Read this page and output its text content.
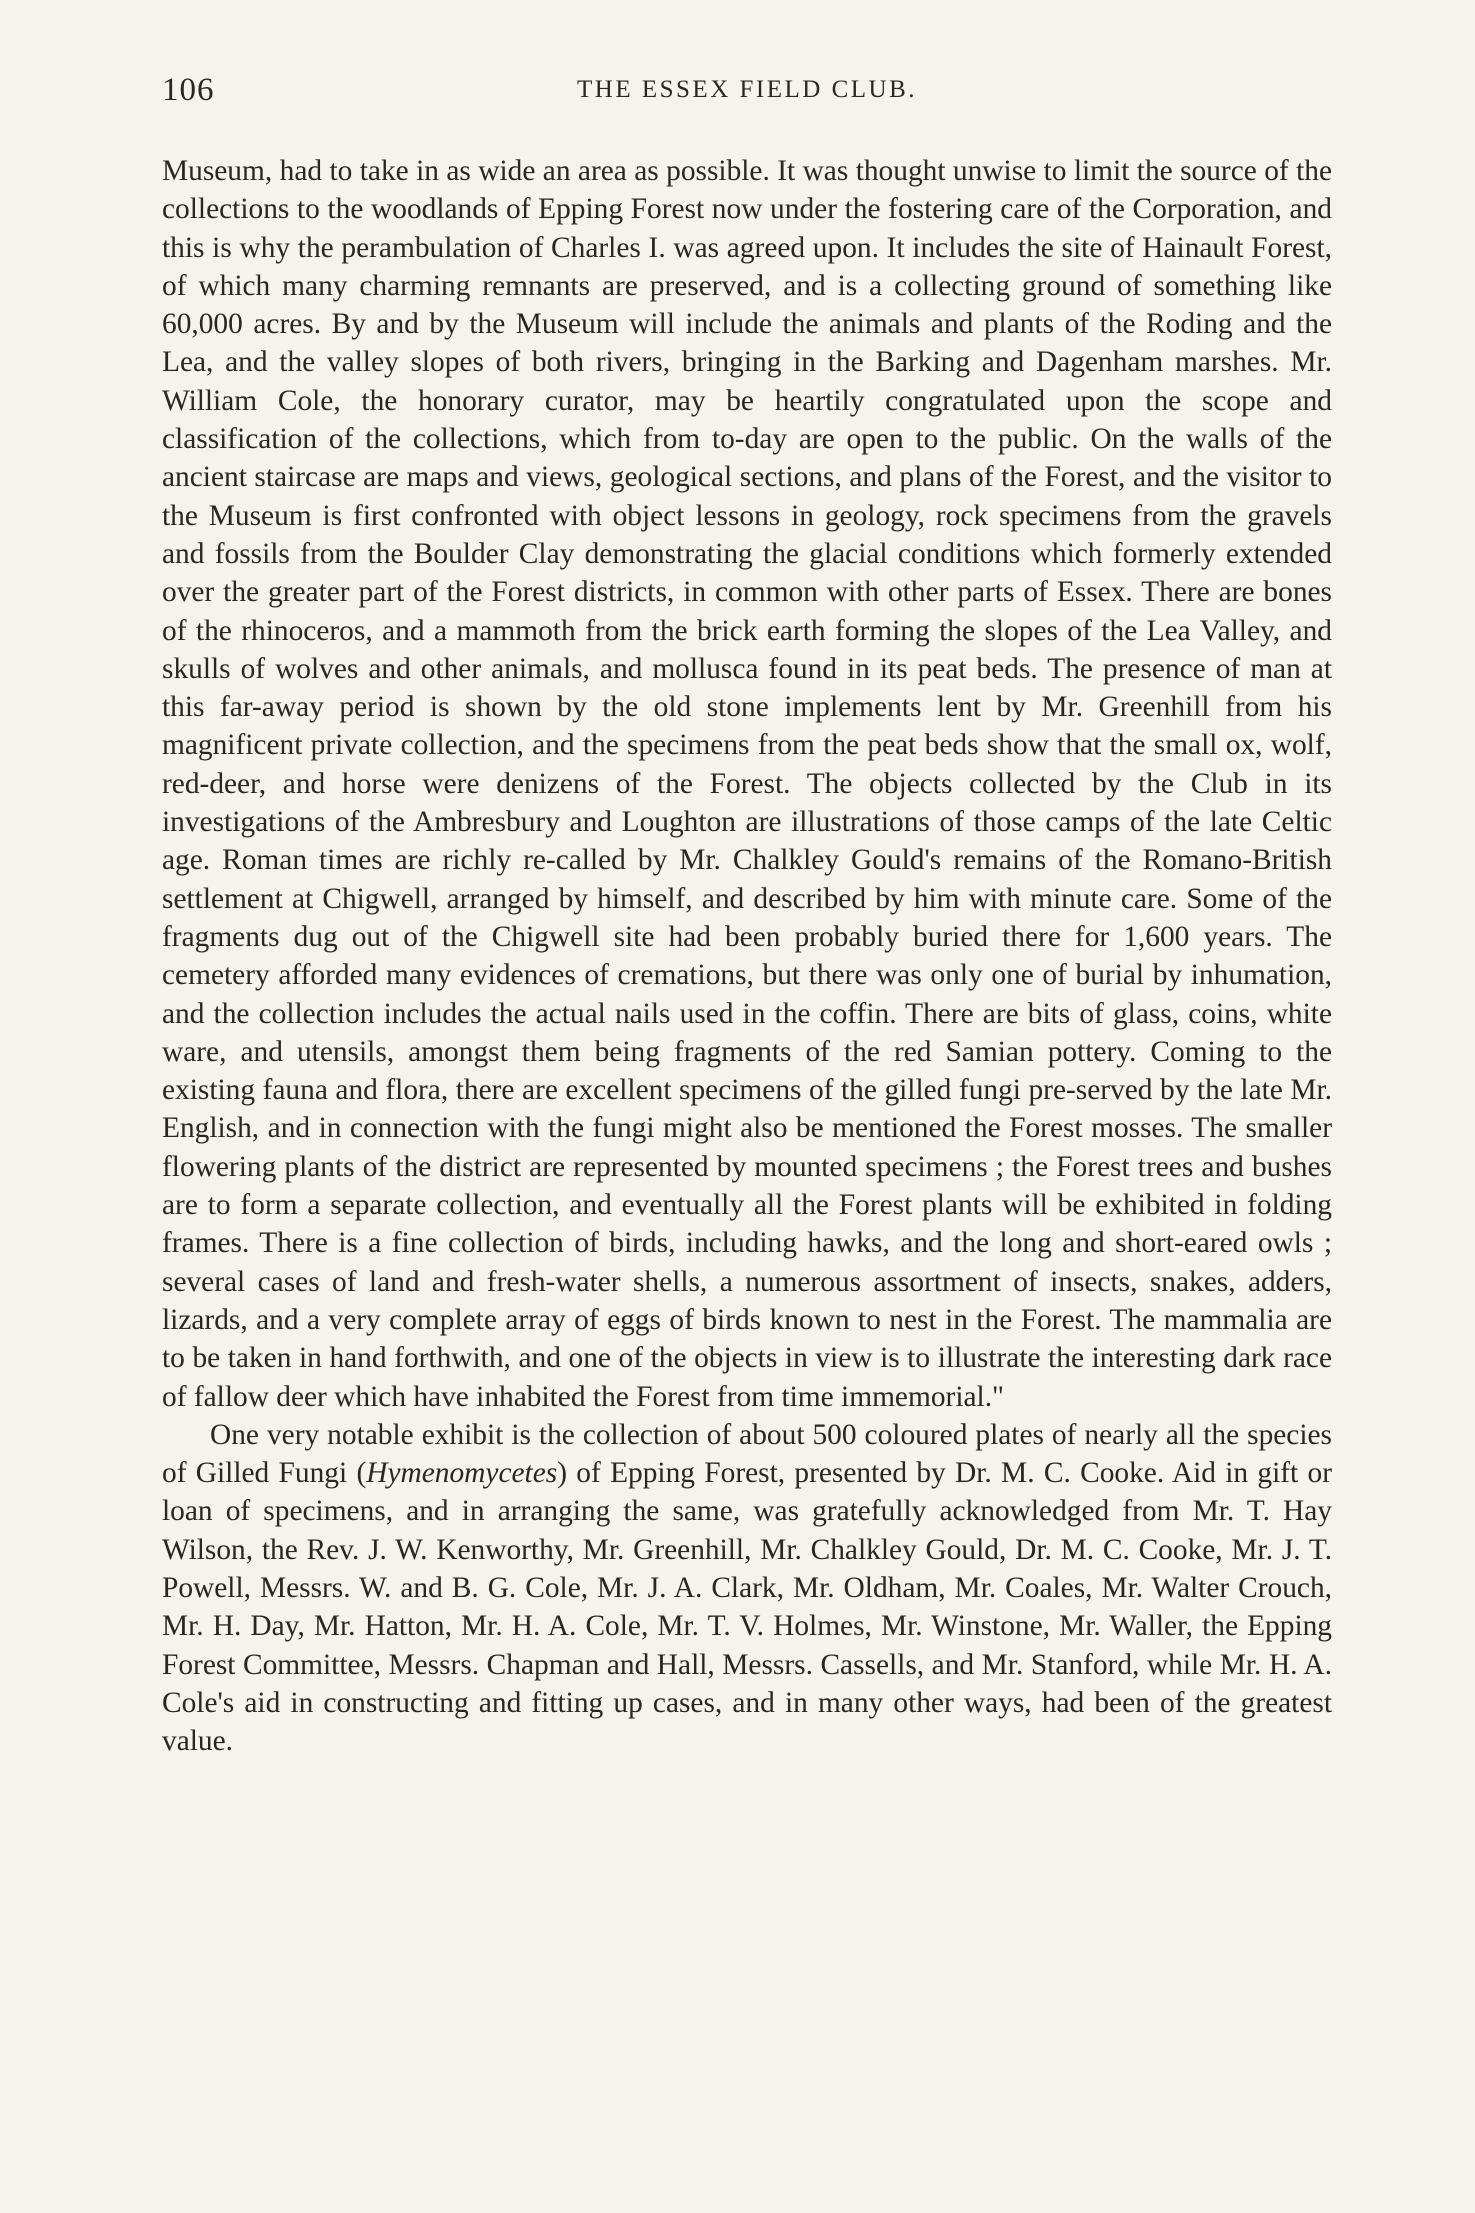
106	THE ESSEX FIELD CLUB.

Museum, had to take in as wide an area as possible. It was thought unwise to limit the source of the collections to the woodlands of Epping Forest now under the fostering care of the Corporation, and this is why the perambulation of Charles I. was agreed upon. It includes the site of Hainault Forest, of which many charming remnants are preserved, and is a collecting ground of something like 60,000 acres. By and by the Museum will include the animals and plants of the Roding and the Lea, and the valley slopes of both rivers, bringing in the Barking and Dagenham marshes. Mr. William Cole, the honorary curator, may be heartily congratulated upon the scope and classification of the collections, which from to-day are open to the public. On the walls of the ancient staircase are maps and views, geological sections, and plans of the Forest, and the visitor to the Museum is first confronted with object lessons in geology, rock specimens from the gravels and fossils from the Boulder Clay demonstrating the glacial conditions which formerly extended over the greater part of the Forest districts, in common with other parts of Essex. There are bones of the rhinoceros, and a mammoth from the brick earth forming the slopes of the Lea Valley, and skulls of wolves and other animals, and mollusca found in its peat beds. The presence of man at this far-away period is shown by the old stone implements lent by Mr. Greenhill from his magnificent private collection, and the specimens from the peat beds show that the small ox, wolf, red-deer, and horse were denizens of the Forest. The objects collected by the Club in its investigations of the Ambresbury and Loughton are illustrations of those camps of the late Celtic age. Roman times are richly re-called by Mr. Chalkley Gould's remains of the Romano-British settlement at Chigwell, arranged by himself, and described by him with minute care. Some of the fragments dug out of the Chigwell site had been probably buried there for 1,600 years. The cemetery afforded many evidences of cremations, but there was only one of burial by inhumation, and the collection includes the actual nails used in the coffin. There are bits of glass, coins, white ware, and utensils, amongst them being fragments of the red Samian pottery. Coming to the existing fauna and flora, there are excellent specimens of the gilled fungi pre-served by the late Mr. English, and in connection with the fungi might also be mentioned the Forest mosses. The smaller flowering plants of the district are represented by mounted specimens ; the Forest trees and bushes are to form a separate collection, and eventually all the Forest plants will be exhibited in folding frames. There is a fine collection of birds, including hawks, and the long and short-eared owls ; several cases of land and fresh-water shells, a numerous assortment of insects, snakes, adders, lizards, and a very complete array of eggs of birds known to nest in the Forest. The mammalia are to be taken in hand forthwith, and one of the objects in view is to illustrate the interesting dark race of fallow deer which have inhabited the Forest from time immemorial."

One very notable exhibit is the collection of about 500 coloured plates of nearly all the species of Gilled Fungi (Hymenomycetes) of Epping Forest, presented by Dr. M. C. Cooke. Aid in gift or loan of specimens, and in arranging the same, was gratefully acknowledged from Mr. T. Hay Wilson, the Rev. J. W. Kenworthy, Mr. Greenhill, Mr. Chalkley Gould, Dr. M. C. Cooke, Mr. J. T. Powell, Messrs. W. and B. G. Cole, Mr. J. A. Clark, Mr. Oldham, Mr. Coales, Mr. Walter Crouch, Mr. H. Day, Mr. Hatton, Mr. H. A. Cole, Mr. T. V. Holmes, Mr. Winstone, Mr. Waller, the Epping Forest Committee, Messrs. Chapman and Hall, Messrs. Cassells, and Mr. Stanford, while Mr. H. A. Cole's aid in constructing and fitting up cases, and in many other ways, had been of the greatest value.
